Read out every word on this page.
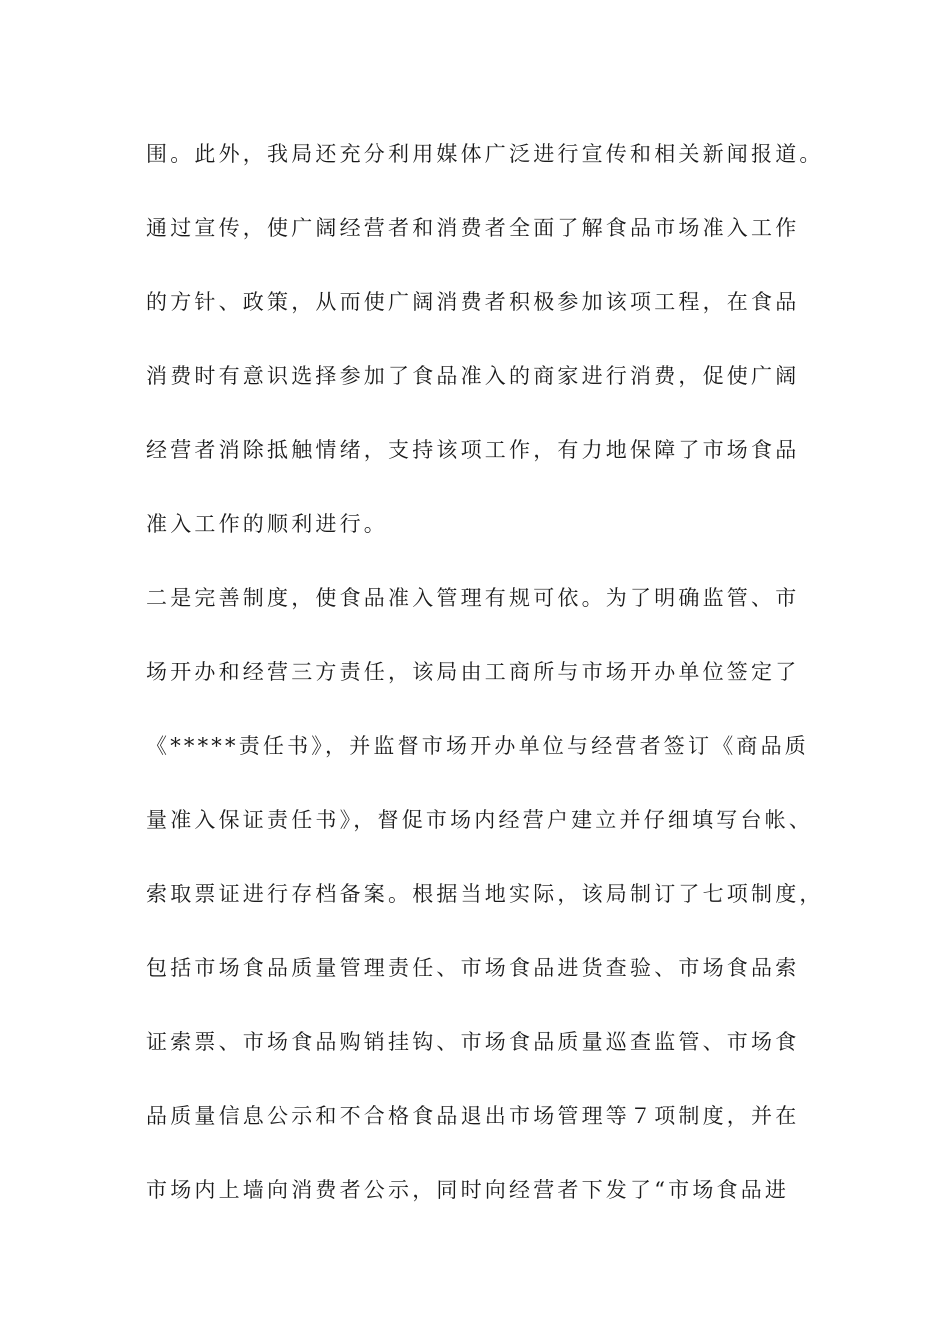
围。此外，我局还充分利用媒体广泛进行宣传和相关新闻报道。
通过宣传，使广阔经营者和消费者全面了解食品市场准入工作
的方针、政策，从而使广阔消费者积极参加该项工程，在食品
消费时有意识选择参加了食品准入的商家进行消费，促使广阔
经营者消除抵触情绪，支持该项工作，有力地保障了市场食品
准入工作的顺利进行。
二是完善制度，使食品准入管理有规可依。为了明确监管、市
场开办和经营三方责任，该局由工商所与市场开办单位签定了
《*****责任书》，并监督市场开办单位与经营者签订《商品质
量准入保证责任书》，督促市场内经营户建立并仔细填写台帐、
索取票证进行存档备案。根据当地实际，该局制订了七项制度，
包括市场食品质量管理责任、市场食品进货查验、市场食品索
证索票、市场食品购销挂钩、市场食品质量巡查监管、市场食
品质量信息公示和不合格食品退出市场管理等７项制度，并在
市场内上墙向消费者公示，同时向经营者下发了“市场食品进
